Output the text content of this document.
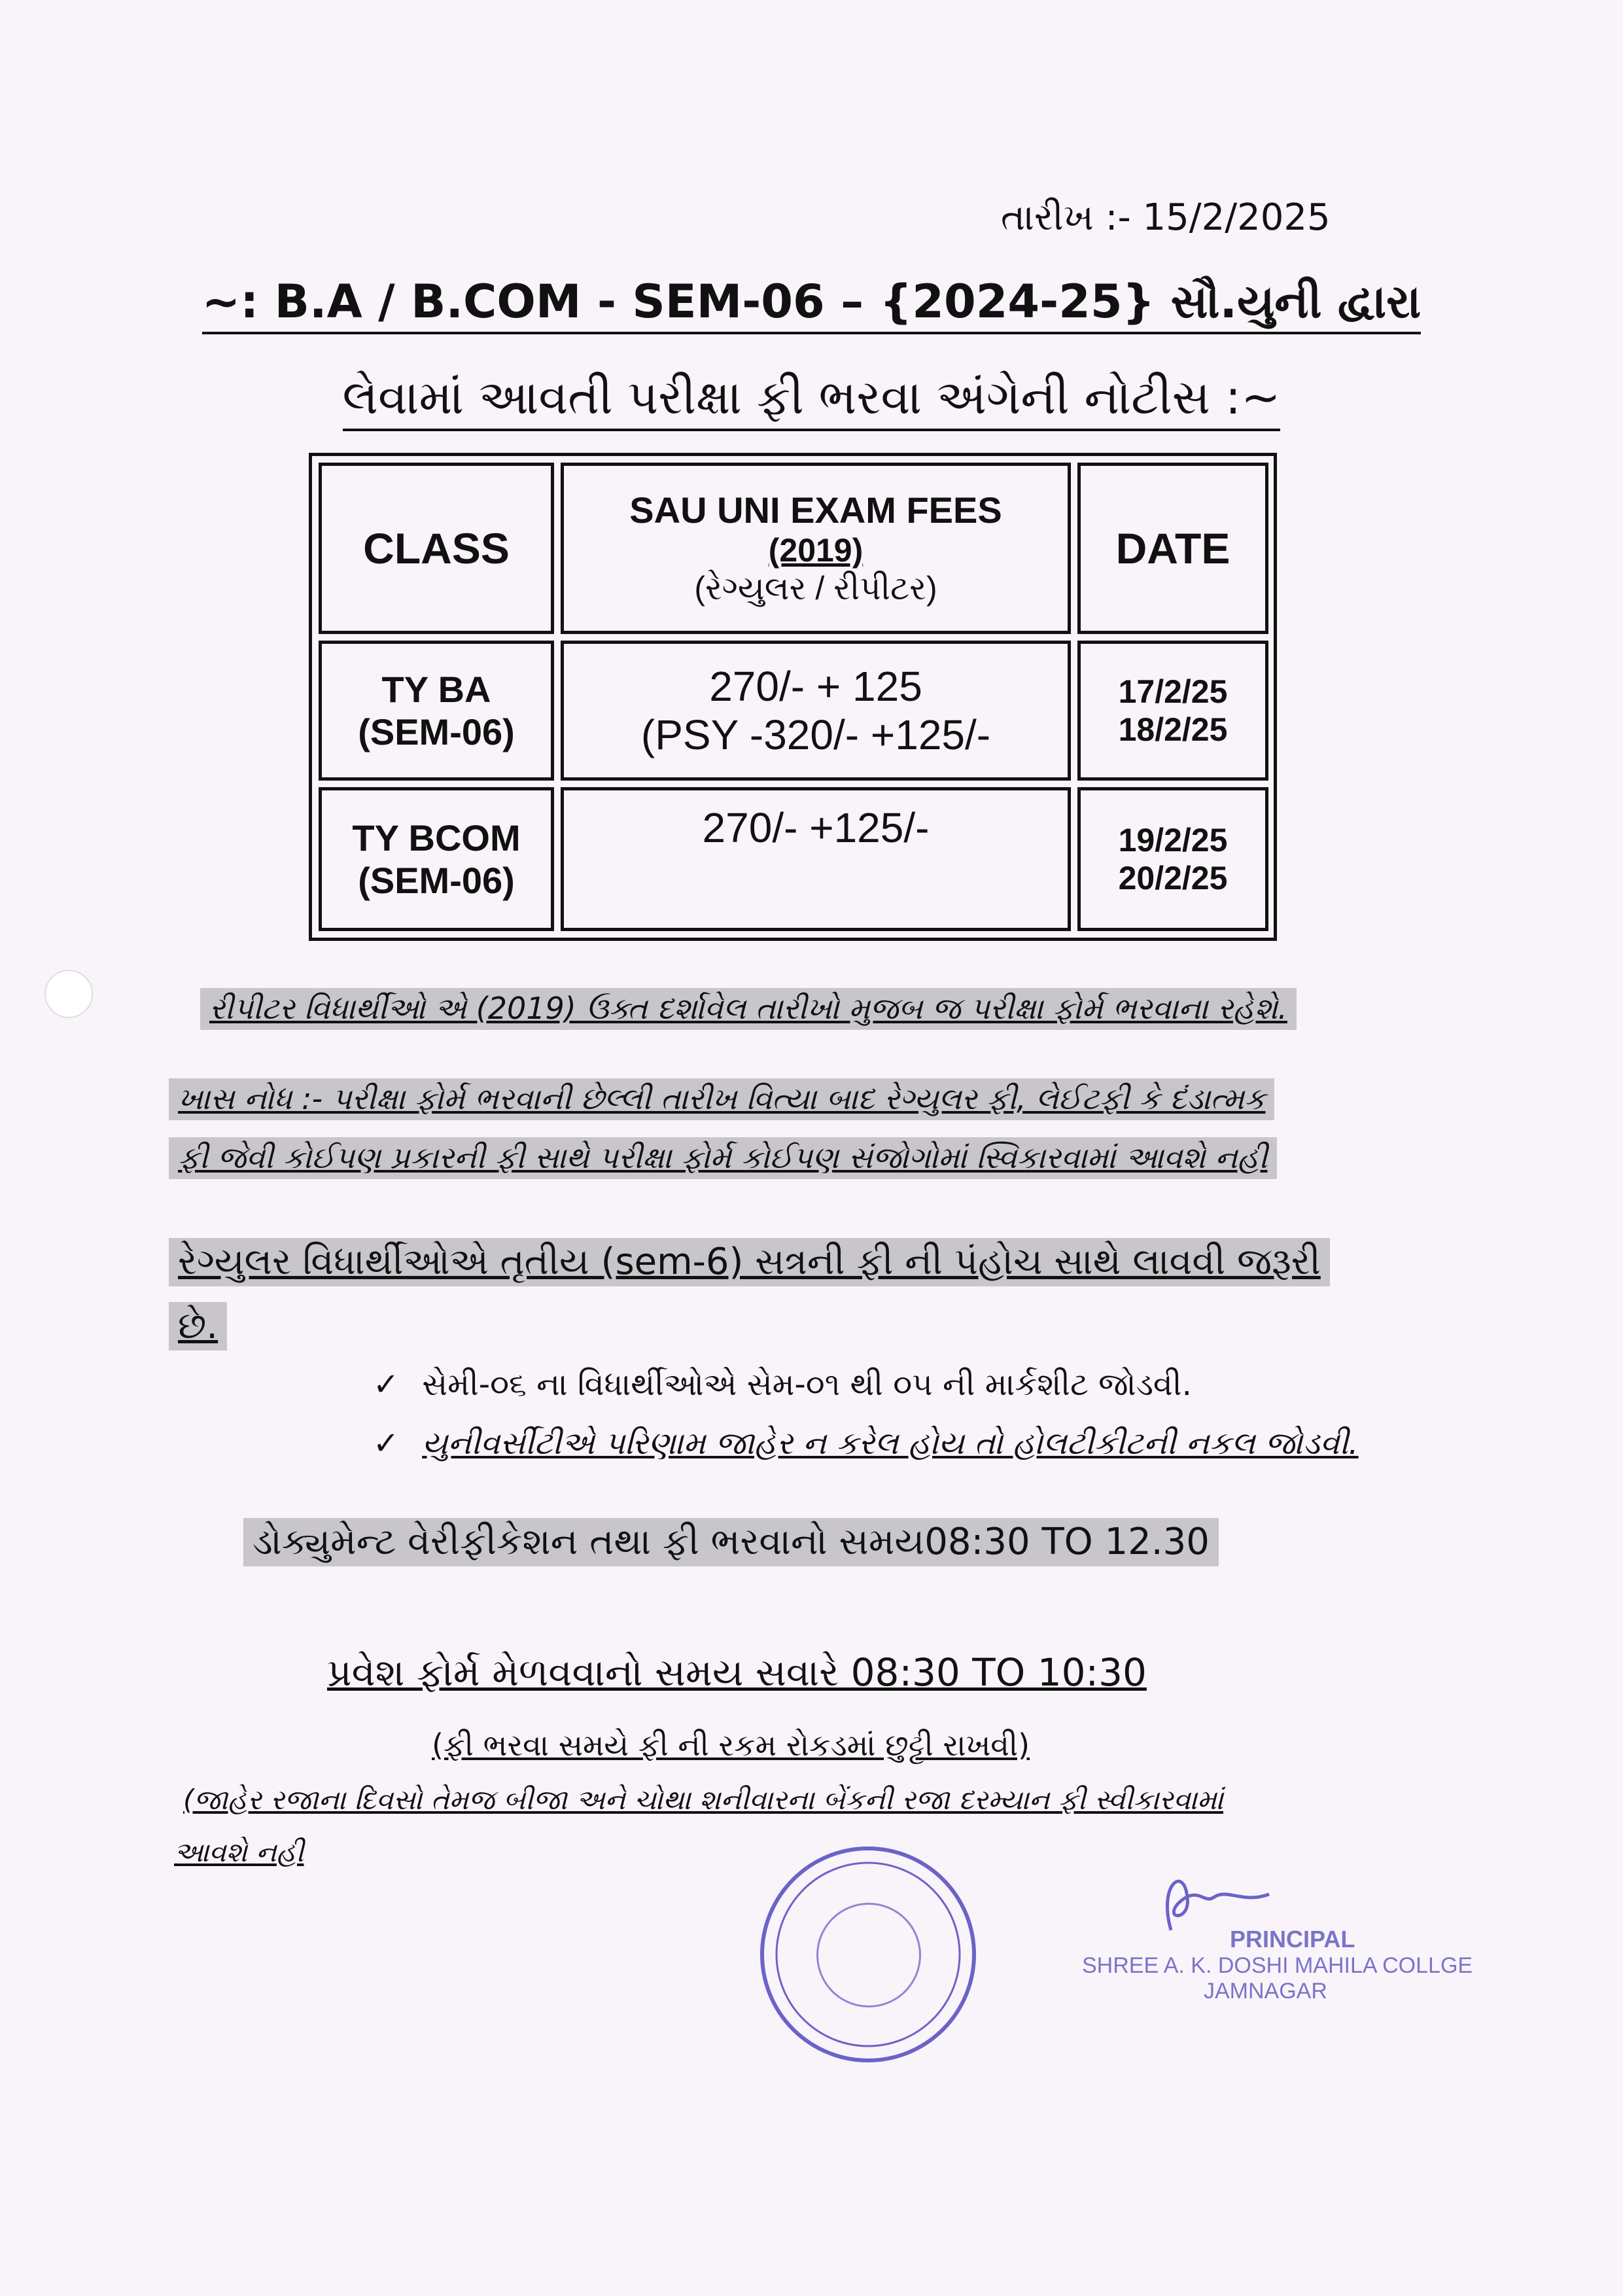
તારીખ :- 15/2/2025
~: B.A / B.COM - SEM-06 – {2024-25} સૌ.યુની દ્વારા
લેવામાં આવતી પરીક્ષા ફી ભરવા અંગેની નોટીસ :~
CLASS
SAU UNI EXAM FEES
(2019)
(રેગ્યુલર / રીપીટર)
DATE
TY BA
(SEM-06)
270/- + 125
(PSY -320/- +125/-
17/2/25
18/2/25
TY BCOM
(SEM-06)
270/- +125/-	19/2/25
20/2/25
રીપીટર વિધાર્થીઓ એ (2019) ઉક્ત દર્શાવેલ તારીખો મુજબ જ પરીક્ષા ફોર્મ ભરવાના રહેશે.
ખાસ નોધ :- પરીક્ષા ફોર્મ ભરવાની છેલ્લી તારીખ વિત્યા બાદ રેગ્યુલર ફી, લેઈટફી કે દંડાત્મક
ફી જેવી કોઈપણ પ્રકારની ફી સાથે પરીક્ષા ફોર્મ કોઈપણ સંજોગોમાં સ્વિકારવામાં આવશે નહી
રેગ્યુલર વિધાર્થીઓએ તૃતીય (sem-6) સત્રની ફી ની પંહોચ સાથે લાવવી જરૂરી
છે.
✓ સેમી-૦૬ ના વિધાર્થીઓએ સેમ-૦૧ થી ૦૫ ની માર્કશીટ જોડવી.
✓ યુનીવર્સીટીએ પરિણામ જાહેર ન કરેલ હોય તો હોલટીકીટની નકલ જોડવી.
ડોક્યુમેન્ટ વેરીફીકેશન તથા ફી ભરવાનો સમય08:30 TO 12.30
પ્રવેશ ફોર્મ મેળવવાનો સમય સવારે 08:30 TO 10:30
(ફી ભરવા સમયે ફી ની રકમ રોકડમાં છુટ્ટી રાખવી)
(જાહેર રજાના દિવસો તેમજ બીજા અને ચોથા શનીવારના બેંકની રજા દરમ્યાન ફી સ્વીકારવામાં
આવશે નહી
PRINCIPAL
SHREE A. K. DOSHI MAHILA COLLGE
JAMNAGAR
